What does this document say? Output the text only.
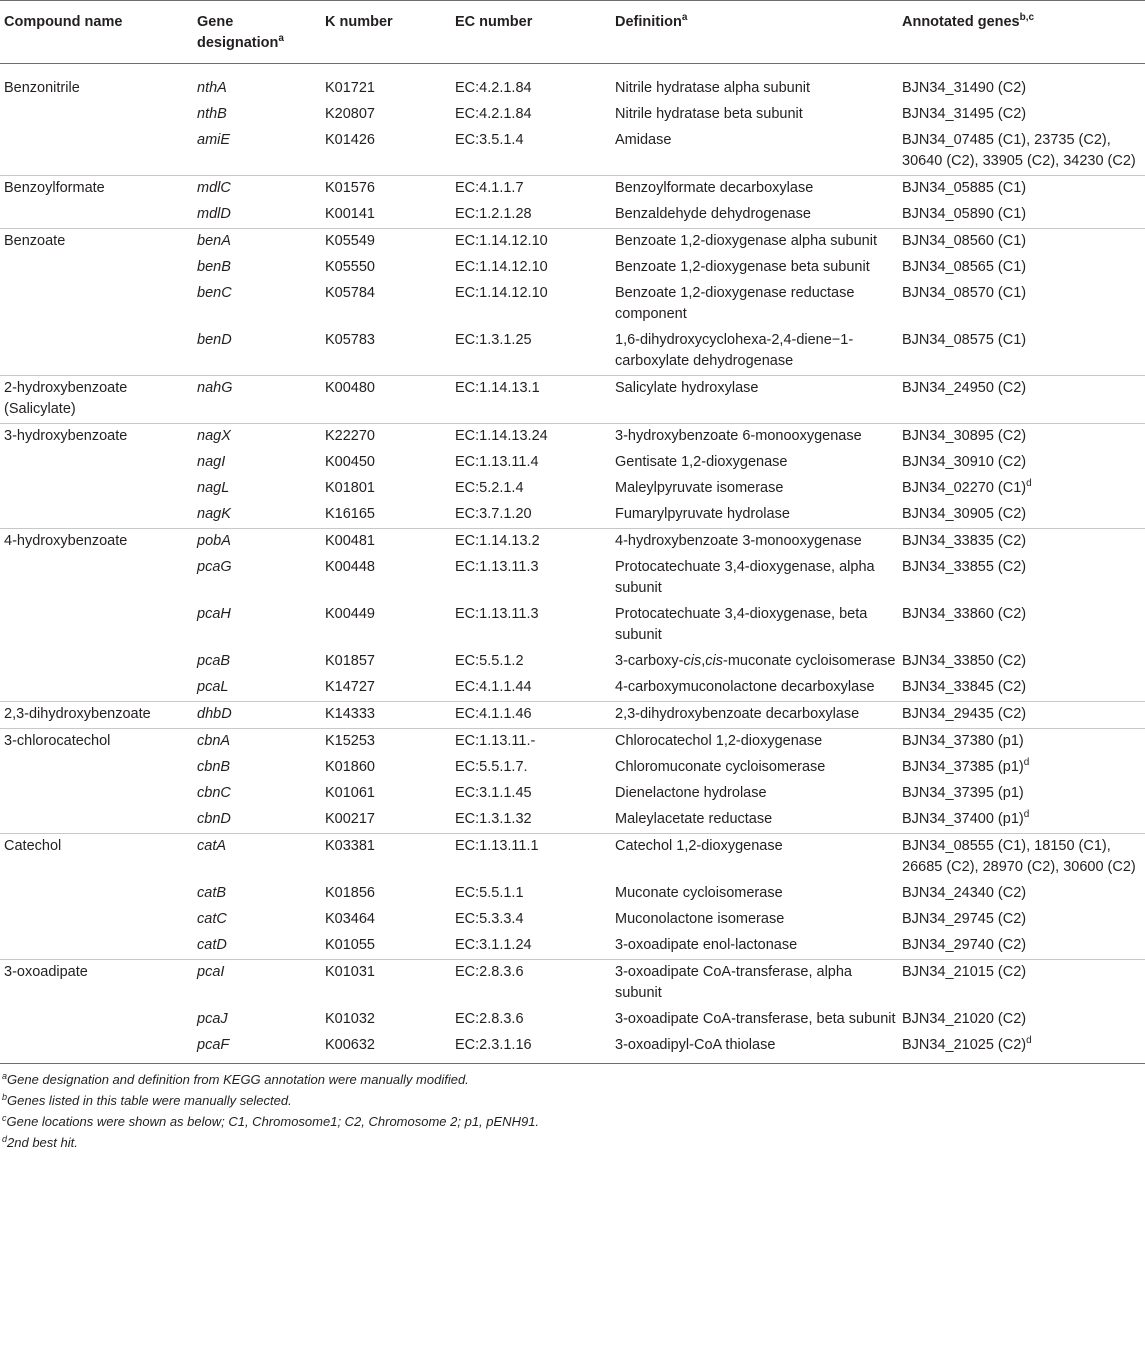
Compound name	Gene designation$^a$	K number	EC number	Definition$^a$	Annotated genes$^{b,c}$
Benzonitrile	nthA	K01721	EC:4.2.1.84	Nitrile hydratase alpha subunit	BJN34_31490 (C2)
	nthB	K20807	EC:4.2.1.84	Nitrile hydratase beta subunit	BJN34_31495 (C2)
	amiE	K01426	EC:3.5.1.4	Amidase	BJN34_07485 (C1), 23735 (C2), 30640 (C2), 33905 (C2), 34230 (C2)
Benzoylformate	mdlC	K01576	EC:4.1.1.7	Benzoylformate decarboxylase	BJN34_05885 (C1)
	mdlD	K00141	EC:1.2.1.28	Benzaldehyde dehydrogenase	BJN34_05890 (C1)
Benzoate	benA	K05549	EC:1.14.12.10	Benzoate 1,2-dioxygenase alpha subunit	BJN34_08560 (C1)
	benB	K05550	EC:1.14.12.10	Benzoate 1,2-dioxygenase beta subunit	BJN34_08565 (C1)
	benC	K05784	EC:1.14.12.10	Benzoate 1,2-dioxygenase reductase component	BJN34_08570 (C1)
	benD	K05783	EC:1.3.1.25	1,6-dihydroxycyclohexa-2,4-diene−1-carboxylate dehydrogenase	BJN34_08575 (C1)
2-hydroxybenzoate (Salicylate)	nahG	K00480	EC:1.14.13.1	Salicylate hydroxylase	BJN34_24950 (C2)
3-hydroxybenzoate	nagX	K22270	EC:1.14.13.24	3-hydroxybenzoate 6-monooxygenase	BJN34_30895 (C2)
	nagI	K00450	EC:1.13.11.4	Gentisate 1,2-dioxygenase	BJN34_30910 (C2)
	nagL	K01801	EC:5.2.1.4	Maleylpyruvate isomerase	BJN34_02270 $(C1)^d$
	nagK	K16165	EC:3.7.1.20	Fumarylpyruvate hydrolase	BJN34_30905 (C2)
4-hydroxybenzoate	pobA	K00481	EC:1.14.13.2	4-hydroxybenzoate 3-monooxygenase	BJN34_33835 (C2)
	pcaG	K00448	EC:1.13.11.3	Protocatechuate 3,4-dioxygenase, alpha subunit	BJN34_33855 (C2)
	pcaH	K00449	EC:1.13.11.3	Protocatechuate 3,4-dioxygenase, beta subunit	BJN34_33860 (C2)
	pcaB	K01857	EC:5.5.1.2	3-carboxy-cis,cis-muconate cycloisomerase	BJN34_33850 (C2)
	pcaL	K14727	EC:4.1.1.44	4-carboxymuconolactone decarboxylase	BJN34_33845 (C2)
2,3-dihydroxybenzoate	dhbD	K14333	EC:4.1.1.46	2,3-dihydroxybenzoate decarboxylase	BJN34_29435 (C2)
3-chlorocatechol	cbnA	K15253	EC:1.13.11.-	Chlorocatechol 1,2-dioxygenase	BJN34_37380 (p1)
	cbnB	K01860	EC:5.5.1.7.	Chloromuconate cycloisomerase	BJN34_37385 $(p1)^d$
	cbnC	K01061	EC:3.1.1.45	Dienelactone hydrolase	BJN34_37395 (p1)
	cbnD	K00217	EC:1.3.1.32	Maleylacetate reductase	BJN34_37400 $(p1)^d$
Catechol	catA	K03381	EC:1.13.11.1	Catechol 1,2-dioxygenase	BJN34_08555 (C1), 18150 (C1), 26685 (C2), 28970 (C2), 30600 (C2)
	catB	K01856	EC:5.5.1.1	Muconate cycloisomerase	BJN34_24340 (C2)
	catC	K03464	EC:5.3.3.4	Muconolactone isomerase	BJN34_29745 (C2)
	catD	K01055	EC:3.1.1.24	3-oxoadipate enol-lactonase	BJN34_29740 (C2)
3-oxoadipate	pcaI	K01031	EC:2.8.3.6	3-oxoadipate CoA-transferase, alpha subunit	BJN34_21015 (C2)
	pcaJ	K01032	EC:2.8.3.6	3-oxoadipate CoA-transferase, beta subunit	BJN34_21020 (C2)
	pcaF	K00632	EC:2.3.1.16	3-oxoadipyl-CoA thiolase	BJN34_21025 $(C2)^d$
$^a$Gene designation and definition from KEGG annotation were manually modified.
$^b$Genes listed in this table were manually selected.
$^c$Gene locations were shown as below; C1, Chromosome1; C2, Chromosome 2; p1, pENH91.
$^d$2nd best hit.
